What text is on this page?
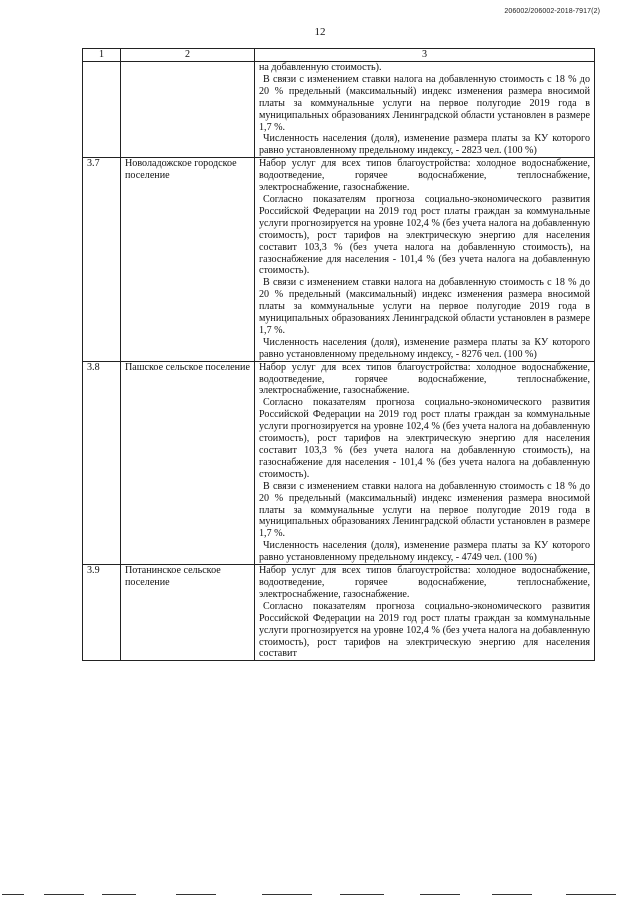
206002/206002-2018-7917(2)
12
1	2	3

		на добавленную стоимость).

В связи с изменением ставки налога на добавленную стоимость с 18 % до 20 % предельный (максимальный) индекс изменения размера вносимой платы за коммунальные услуги на первое полугодие 2019 года в муниципальных образованиях Ленинградской области установлен в размере 1,7 %.

Численность населения (доля), изменение размера платы за КУ которого равно установленному предельному индексу, - 2823 чел. (100 %)

3.7	Новоладожское городское поселение	Набор услуг для всех типов благоустройства: холодное водоснабжение, водоотведение, горячее водоснабжение, теплоснабжение, электроснабжение, газоснабжение.

Согласно показателям прогноза социально-экономического развития Российской Федерации на 2019 год рост платы граждан за коммунальные услуги прогнозируется на уровне 102,4 % (без учета налога на добавленную стоимость), рост тарифов на электрическую энергию для населения составит 103,3 % (без учета налога на добавленную стоимость), на газоснабжение для населения - 101,4 % (без учета налога на добавленную стоимость).

В связи с изменением ставки налога на добавленную стоимость с 18 % до 20 % предельный (максимальный) индекс изменения размера вносимой платы за коммунальные услуги на первое полугодие 2019 года в муниципальных образованиях Ленинградской области установлен в размере 1,7 %.

Численность населения (доля), изменение размера платы за КУ которого равно установленному предельному индексу, - 8276 чел. (100 %)

3.8	Пашское сельское поселение	Набор услуг для всех типов благоустройства: холодное водоснабжение, водоотведение, горячее водоснабжение, теплоснабжение, электроснабжение, газоснабжение.

Согласно показателям прогноза социально-экономического развития Российской Федерации на 2019 год рост платы граждан за коммунальные услуги прогнозируется на уровне 102,4 % (без учета налога на добавленную стоимость), рост тарифов на электрическую энергию для населения составит 103,3 % (без учета налога на добавленную стоимость), на газоснабжение для населения - 101,4 % (без учета налога на добавленную стоимость).

В связи с изменением ставки налога на добавленную стоимость с 18 % до 20 % предельный (максимальный) индекс изменения размера вносимой платы за коммунальные услуги на первое полугодие 2019 года в муниципальных образованиях Ленинградской области установлен в размере 1,7 %.

Численность населения (доля), изменение размера платы за КУ которого равно установленному предельному индексу, - 4749 чел. (100 %)

3.9	Потанинское сельское поселение	Набор услуг для всех типов благоустройства: холодное водоснабжение, водоотведение, горячее водоснабжение, теплоснабжение, электроснабжение, газоснабжение.

Согласно показателям прогноза социально-экономического развития Российской Федерации на 2019 год рост платы граждан за коммунальные услуги прогнозируется на уровне 102,4 % (без учета налога на добавленную стоимость), рост тарифов на электрическую энергию для населения составит
